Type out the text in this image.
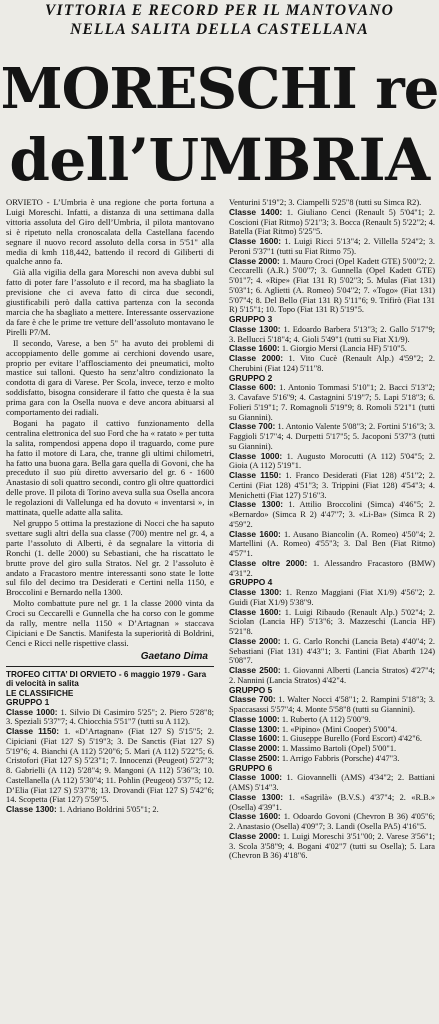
VITTORIA E RECORD PER IL MANTOVANO
NELLA SALITA DELLA CASTELLANA
MORESCHI re
dell’UMBRIA

ORVIETO - L’Umbria è una regione che porta fortuna a Luigi Moreschi. Infatti, a distanza di una settimana dalla vittoria assoluta del Giro dell’Umbria, il pilota mantovano si è ripetuto nella cronoscalata della Castellana facendo segnare il nuovo record assoluto della corsa in 5'51" alla media di kmh 118,442, battendo il record di Giliberti di qualche anno fa.

Già alla vigilia della gara Moreschi non aveva dubbi sul fatto di poter fare l’assoluto e il record, ma ha sbagliato la previsione che ci aveva fatto di circa due secondi, giustificabili però dalla cattiva partenza con la seconda marcia che ha sbagliato a mettere. Interessante osservazione da fare è che le prime tre vetture dell’assoluto montavano le Pirelli P7/M.

Il secondo, Varese, a ben 5" ha avuto dei problemi di accoppiamento delle gomme ai cerchioni dovendo usare, proprio per evitare l’afflosciamento dei pneumatici, molto mastice sui talloni. Questo ha senz’altro condizionato la condotta di gara di Varese. Per Scola, invece, terzo e molto soddisfatto, bisogna considerare il fatto che questa è la sua prima gara con la Osella nuova e deve ancora abituarsi al comportamento dei radiali.

Bogani ha pagato il cattivo funzionamento della centralina elettronica del suo Ford che ha « ratato » per tutta la salita, rompendosi appena dopo il traguardo, come pure ha fatto il motore di Lara, che, tranne gli ultimi chilometri, ha fatto una buona gara. Bella gara quella di Govoni, che ha preceduto il suo più diretto avversario del gr. 6 - 1600 Anastasio di soli quattro secondi, contro gli oltre quattordici delle prove. Il pilota di Torino aveva sulla sua Osella ancora le regolazioni di Vallelunga ed ha dovuto « inventarsi », in mattinata, quelle adatte alla salita.

Nel gruppo 5 ottima la prestazione di Nocci che ha saputo svettare sugli altri della sua classe (700) mentre nel gr. 4, a parte l’assoluto di Alberti, è da segnalare la vittoria di Ronchi (1. delle 2000) su Sebastiani, che ha riscattato le brutte prove del giro sulla Stratos. Nel gr. 2 l’assoluto è andato a Fracastoro mentre interessanti sono state le lotte sul filo del decimo tra Desiderati e Certini nella 1150, e Broccolini e Bernardo nella 1300.

Molto combattute pure nel gr. 1 la classe 2000 vinta da Croci su Ceccarelli e Gunnella che ha corso con le gomme da rally, mentre nella 1150 « D’Artagnan » staccava Cipiciani e De Sanctis. Manifesta la superiorità di Boldrini, Cenci e Ricci nelle rispettive classi.

Gaetano Dima
TROFEO CITTA’ DI ORVIETO - 6 maggio 1979 - Gara di velocità in salita
LE CLASSIFICHE
GRUPPO 1
Classe 1000: 1. Silvio Di Casimiro 5'25"; 2. Piero 5'28"8; 3. Speziali 5'37"7; 4. Chiocchia 5'51"7 (tutti su A 112).
Classe 1150: 1. «D’Artagnan» (Fiat 127 S) 5'15"5; 2. Cipiciani (Fiat 127 S) 5'19"3; 3. De Sanctis (Fiat 127 S) 5'19"6; 4. Bianchi (A 112) 5'20"6; 5. Mari (A 112) 5'22"5; 6. Cristofori (Fiat 127 S) 5'23"1; 7. Innocenzi (Peugeot) 5'27"3; 8. Gabrielli (A 112) 5'28"4; 9. Mangoni (A 112) 5'36"3; 10. Castellanella (A 112) 5'30"4; 11. Pohlin (Peugeot) 5'37"5; 12. D’Elia (Fiat 127 S) 5'37"8; 13. Drovandi (Fiat 127 S) 5'42"6; 14. Scopetta (Fiat 127) 5'59"5.
Classe 1300: 1. Adriano Boldrini 5'05"1; 2.
Venturini 5'19"2; 3. Ciampelli 5'25"8 (tutti su Simca R2).
Classe 1400: 1. Giuliano Cenci (Renault 5) 5'04"1; 2. Coscioni (Fiat Ritmo) 5'21"3; 3. Bocca (Renault 5) 5'22"2; 4. Batella (Fiat Ritmo) 5'25"5.
Classe 1600: 1. Luigi Ricci 5'13"4; 2. Villella 5'24"2; 3. Peroni 5'37"1 (tutti su Fiat Ritmo 75).
Classe 2000: 1. Mauro Croci (Opel Kadett GTE) 5'00"2; 2. Ceccarelli (A.R.) 5'00"7; 3. Gunnella (Opel Kadett GTE) 5'01"7; 4. «Ripe» (Fiat 131 R) 5'02"3; 5. Mulas (Fiat 131) 5'03"1; 6. Aglietti (A. Romeo) 5'04"2; 7. «Togo» (Fiat 131) 5'07"4; 8. Del Bello (Fiat 131 R) 5'11"6; 9. Trifirò (Fiat 131 R) 5'15"1; 10. Topo (Fiat 131 R) 5'19"5.
GRUPPO 3
Classe 1300: 1. Edoardo Barbera 5'13"3; 2. Gallo 5'17"9; 3. Bellucci 5'18"4; 4. Gioli 5'49"1 (tutti su Fiat X1/9).
Classe 1600: 1. Giorgio Mersi (Lancia HF) 5'10"5.
Classe 2000: 1. Vito Cucè (Renault Alp.) 4'59"2; 2. Cherubini (Fiat 124) 5'11"8.
GRUPPO 2
Classe 600: 1. Antonio Tommasi 5'10"1; 2. Bacci 5'13"2; 3. Cavafave 5'16"9; 4. Castagnini 5'19"7; 5. Lapi 5'18"3; 6. Folieri 5'19"1; 7. Romagnoli 5'19"9; 8. Romoli 5'21"1 (tutti su Giannini).
Classe 700: 1. Antonio Valente 5'08"3; 2. Fortini 5'16"3; 3. Faggioli 5'17"4; 4. Durpetti 5'17"5; 5. Jacoponi 5'37"3 (tutti su Giannini).
Classe 1000: 1. Augusto Morocutti (A 112) 5'04"5; 2. Gioia (A 112) 5'19"1.
Classe 1150: 1. Franco Desiderati (Fiat 128) 4'51"2; 2. Certini (Fiat 128) 4'51"3; 3. Trippini (Fiat 128) 4'54"3; 4. Menichetti (Fiat 127) 5'16"3.
Classe 1300: 1. Attilio Broccolini (Simca) 4'46"5; 2. «Bernardo» (Simca R 2) 4'47"7; 3. «Li-Ba» (Simca R 2) 4'59"2.
Classe 1600: 1. Ausano Biancolin (A. Romeo) 4'50"4; 2. Martellini (A. Romeo) 4'55"3; 3. Dal Ben (Fiat Ritmo) 4'57"1.
Classe oltre 2000: 1. Alessandro Fracastoro (BMW) 4'31"2.
GRUPPO 4
Classe 1300: 1. Renzo Maggiani (Fiat X1/9) 4'56"2; 2. Guidi (Fiat X1/9) 5'38"9.
Classe 1600: 1. Luigi Ribaudo (Renault Alp.) 5'02"4; 2. Sciolan (Lancia HF) 5'13"6; 3. Mazzeschi (Lancia HF) 5'21"8.
Classe 2000: 1. G. Carlo Ronchi (Lancia Beta) 4'40"4; 2. Sebastiani (Fiat 131) 4'43"1; 3. Fantini (Fiat Abarth 124) 5'08"7.
Classe 2500: 1. Giovanni Alberti (Lancia Stratos) 4'27"4; 2. Nannini (Lancia Stratos) 4'42"4.
GRUPPO 5
Classe 700: 1. Walter Nocci 4'58"1; 2. Rampini 5'18"3; 3. Spaccasassi 5'57"4; 4. Monte 5'58"8 (tutti su Giannini).
Classe 1000: 1. Ruberto (A 112) 5'00"9.
Classe 1300: 1. «Pipino» (Mini Cooper) 5'00"4.
Classe 1600: 1. Giuseppe Burello (Ford Escort) 4'42"6.
Classe 2000: 1. Massimo Bartoli (Opel) 5'00"1.
Classe 2500: 1. Arrigo Fabbris (Porsche) 4'47"3.
GRUPPO 6
Classe 1000: 1. Giovannelli (AMS) 4'34"2; 2. Battiani (AMS) 5'14"3.
Classe 1300: 1. «Sagrilà» (B.V.S.) 4'37"4; 2. «R.B.» (Osella) 4'39"1.
Classe 1600: 1. Odoardo Govoni (Chevron B 36) 4'05"6; 2. Anastasio (Osella) 4'09"7; 3. Landi (Osella PA5) 4'16"5.
Classe 2000: 1. Luigi Moreschi 3'51"00; 2. Varese 3'56"1; 3. Scola 3'58"9; 4. Bogani 4'02"7 (tutti su Osella); 5. Lara (Chevron B 36) 4'18"6.
